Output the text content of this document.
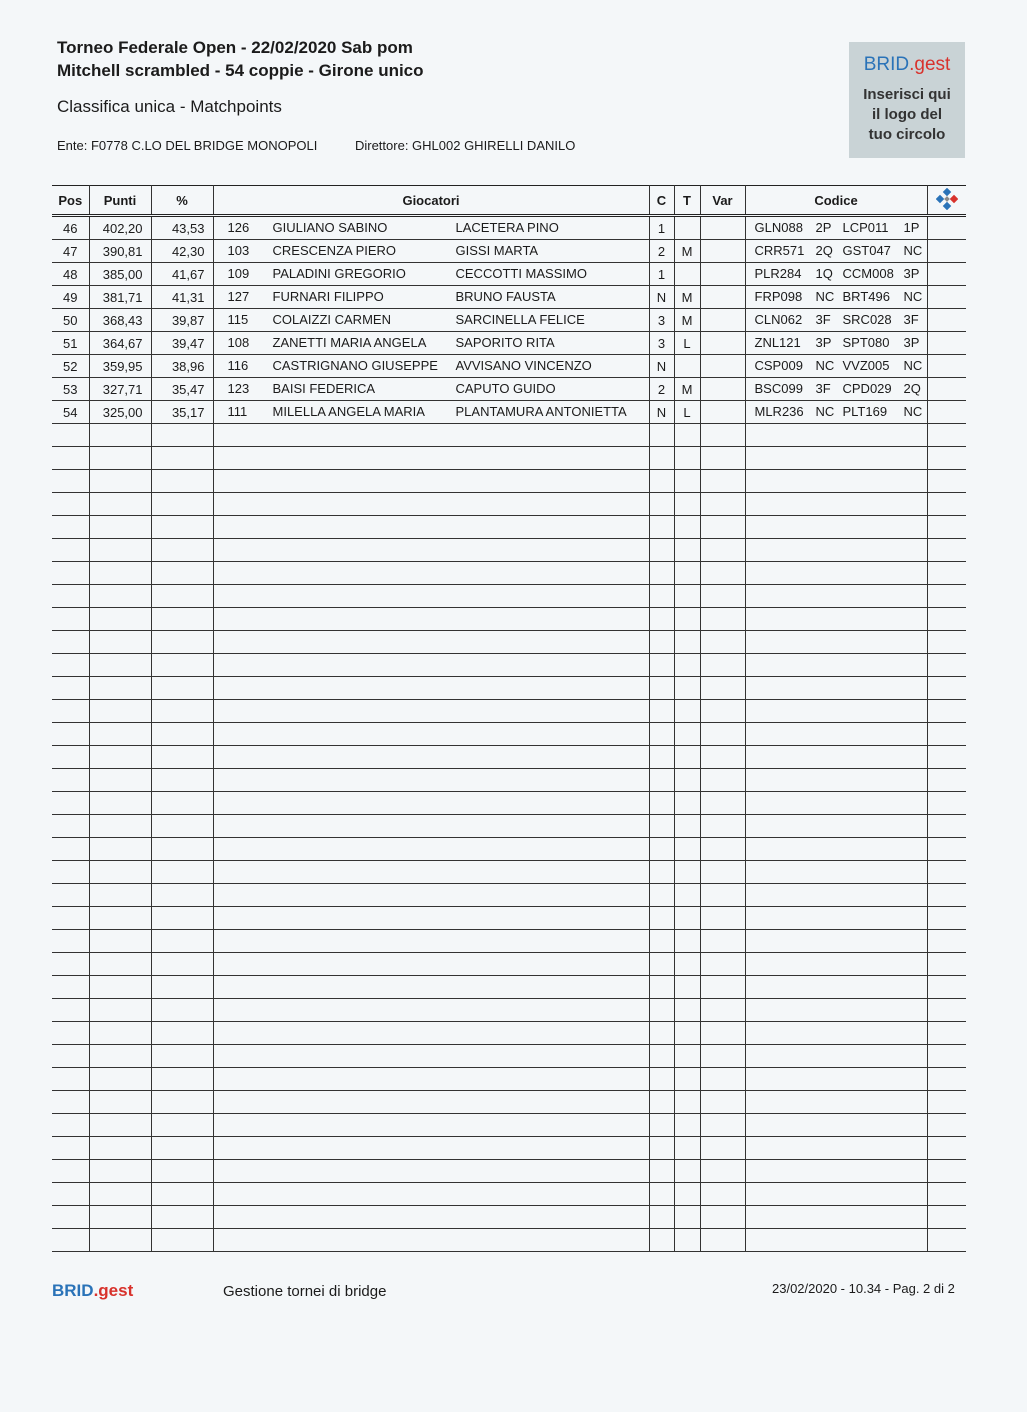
Torneo Federale Open - 22/02/2020 Sab pom
Mitchell scrambled - 54 coppie - Girone unico
Classifica unica - Matchpoints
Ente: F0778 C.LO DEL BRIDGE MONOPOLI	Direttore: GHL002 GHIRELLI DANILO
BRID.gest
Inserisci qui
il logo del
tuo circolo
Pos	Punti	%	Giocatori	C	T	Var	Codice	
46	402,20	43,53	126 GIULIANO SABINO LACETERA PINO	1			GLN088 2P LCP011 1P	

47	390,81	42,30	103 CRESCENZA PIERO GISSI MARTA	2	M		CRR571 2Q GST047 NC	

48	385,00	41,67	109 PALADINI GREGORIO CECCOTTI MASSIMO	1			PLR284 1Q CCM008 3P	

49	381,71	41,31	127 FURNARI FILIPPO BRUNO FAUSTA	N	M		FRP098 NC BRT496 NC	

50	368,43	39,87	115 COLAIZZI CARMEN SARCINELLA FELICE	3	M		CLN062 3F SRC028 3F	

51	364,67	39,47	108 ZANETTI MARIA ANGELA SAPORITO RITA	3	L		ZNL121 3P SPT080 3P	

52	359,95	38,96	116 CASTRIGNANO GIUSEPPE AVVISANO VINCENZO	N			CSP009 NC VVZ005 NC	

53	327,71	35,47	123 BAISI FEDERICA CAPUTO GUIDO	2	M		BSC099 3F CPD029 2Q	

54	325,00	35,17	111 MILELLA ANGELA MARIA PLANTAMURA ANTONIETTA	N	L		MLR236 NC PLT169 NC	

BRID.gest	Gestione tornei di bridge	23/02/2020 - 10.34 - Pag. 2 di 2
